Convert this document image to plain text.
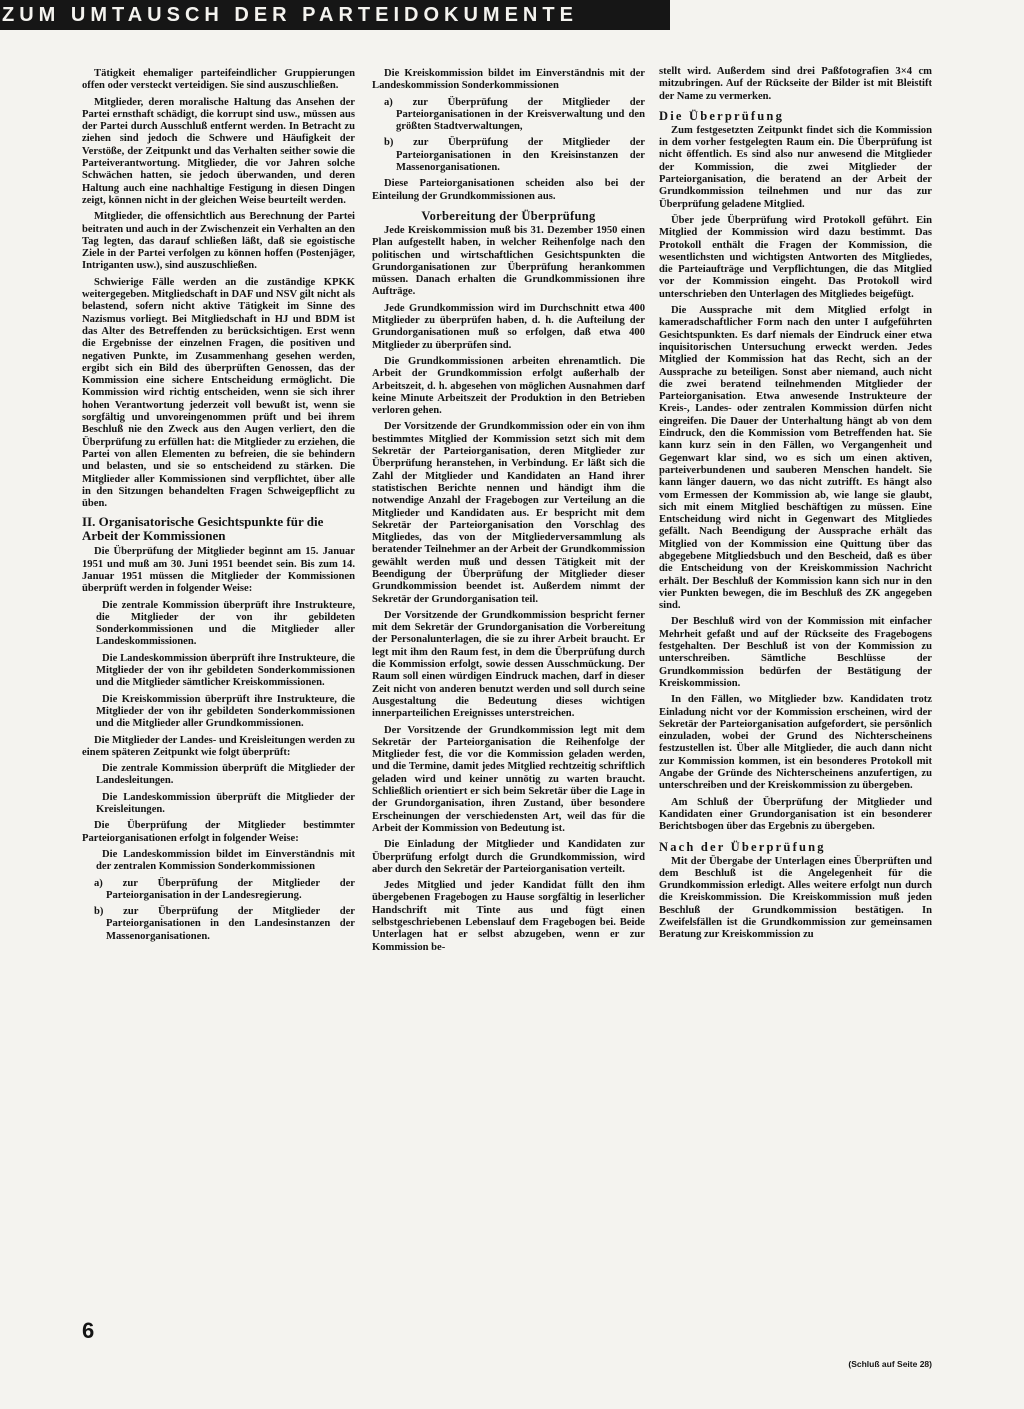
ZUM UMTAUSCH DER PARTEIDOKUMENTE

Tätigkeit ehemaliger parteifeindlicher Gruppierungen offen oder versteckt verteidigen. Sie sind auszuschließen.

Mitglieder, deren moralische Haltung das Ansehen der Partei ernsthaft schädigt, die korrupt sind usw., müssen aus der Partei durch Ausschluß entfernt werden. In Betracht zu ziehen sind jedoch die Schwere und Häufigkeit der Verstöße, der Zeitpunkt und das Verhalten seither sowie die Parteiverantwortung. Mitglieder, die vor Jahren solche Schwächen hatten, sie jedoch überwanden, und deren Haltung auch eine nachhaltige Festigung in diesen Dingen zeigt, können nicht in der gleichen Weise beurteilt werden.

Mitglieder, die offensichtlich aus Berechnung der Partei beitraten und auch in der Zwischenzeit ein Verhalten an den Tag legten, das darauf schließen läßt, daß sie egoistische Ziele in der Partei verfolgen zu können hoffen (Postenjäger, Intriganten usw.), sind auszuschließen.

Schwierige Fälle werden an die zuständige KPKK weitergegeben. Mitgliedschaft in DAF und NSV gilt nicht als belastend, sofern nicht aktive Tätigkeit im Sinne des Nazismus vorliegt. Bei Mitgliedschaft in HJ und BDM ist das Alter des Betreffenden zu berücksichtigen. Erst wenn die Ergebnisse der einzelnen Fragen, die positiven und negativen Punkte, im Zusammenhang gesehen werden, ergibt sich ein Bild des überprüften Genossen, das der Kommission eine sichere Entscheidung ermöglicht. Die Kommission wird richtig entscheiden, wenn sie sich ihrer hohen Verantwortung jederzeit voll bewußt ist, wenn sie sorgfältig und unvoreingenommen prüft und bei ihrem Beschluß nie den Zweck aus den Augen verliert, den die Überprüfung zu erfüllen hat: die Mitglieder zu erziehen, die Partei von allen Elementen zu befreien, die sie behindern und belasten, und sie so entscheidend zu stärken. Die Mitglieder aller Kommissionen sind verpflichtet, über alle in den Sitzungen behandelten Fragen Schweigepflicht zu üben.

II. Organisatorische Gesichtspunkte für die Arbeit der Kommissionen

Die Überprüfung der Mitglieder beginnt am 15. Januar 1951 und muß am 30. Juni 1951 beendet sein. Bis zum 14. Januar 1951 müssen die Mitglieder der Kommissionen überprüft werden in folgender Weise:

Die zentrale Kommission überprüft ihre Instrukteure, die Mitglieder der von ihr gebildeten Sonderkommissionen und die Mitglieder aller Landeskommissionen.

Die Landeskommission überprüft ihre Instrukteure, die Mitglieder der von ihr gebildeten Sonderkommissionen und die Mitglieder sämtlicher Kreiskommissionen.

Die Kreiskommission überprüft ihre Instrukteure, die Mitglieder der von ihr gebildeten Sonderkommissionen und die Mitglieder aller Grundkommissionen.

Die Mitglieder der Landes- und Kreisleitungen werden zu einem späteren Zeitpunkt wie folgt überprüft:

Die zentrale Kommission überprüft die Mitglieder der Landesleitungen.

Die Landeskommission überprüft die Mitglieder der Kreisleitungen.

Die Überprüfung der Mitglieder bestimmter Parteiorganisationen erfolgt in folgender Weise:

Die Landeskommission bildet im Einverständnis mit der zentralen Kommission Sonderkommissionen

a) zur Überprüfung der Mitglieder der Parteiorganisation in der Landesregierung.

b) zur Überprüfung der Mitglieder der Parteiorganisationen in den Landesinstanzen der Massenorganisationen.

Die Kreiskommission bildet im Einverständnis mit der Landeskommission Sonderkommissionen

a) zur Überprüfung der Mitglieder der Parteiorganisationen in der Kreisverwaltung und den größten Stadtverwaltungen,

b) zur Überprüfung der Mitglieder der Parteiorganisationen in den Kreisinstanzen der Massenorganisationen.

Diese Parteiorganisationen scheiden also bei der Einteilung der Grundkommissionen aus.

Vorbereitung der Überprüfung

Jede Kreiskommission muß bis 31. Dezember 1950 einen Plan aufgestellt haben, in welcher Reihenfolge nach den politischen und wirtschaftlichen Gesichtspunkten die Grundorganisationen zur Überprüfung herankommen müssen. Danach erhalten die Grundkommissionen ihre Aufträge.

Jede Grundkommission wird im Durchschnitt etwa 400 Mitglieder zu überprüfen haben, d. h. die Aufteilung der Grundorganisationen muß so erfolgen, daß etwa 400 Mitglieder zu überprüfen sind.

Die Grundkommissionen arbeiten ehrenamtlich. Die Arbeit der Grundkommission erfolgt außerhalb der Arbeitszeit, d. h. abgesehen von möglichen Ausnahmen darf keine Minute Arbeitszeit der Produktion in den Betrieben verloren gehen.

Der Vorsitzende der Grundkommission oder ein von ihm bestimmtes Mitglied der Kommission setzt sich mit dem Sekretär der Parteiorganisation, deren Mitglieder zur Überprüfung heranstehen, in Verbindung. Er läßt sich die Zahl der Mitglieder und Kandidaten an Hand ihrer statistischen Berichte nennen und händigt ihm die notwendige Anzahl der Fragebogen zur Verteilung an die Mitglieder und Kandidaten aus. Er bespricht mit dem Sekretär der Parteiorganisation den Vorschlag des Mitgliedes, das von der Mitgliederversammlung als beratender Teilnehmer an der Arbeit der Grundkommission gewählt werden muß und dessen Tätigkeit mit der Beendigung der Überprüfung der Mitglieder dieser Grundkommission beendet ist. Außerdem nimmt der Sekretär der Grundorganisation teil.

Der Vorsitzende der Grundkommission bespricht ferner mit dem Sekretär der Grundorganisation die Vorbereitung der Personalunterlagen, die sie zu ihrer Arbeit braucht. Er legt mit ihm den Raum fest, in dem die Überprüfung durch die Kommission erfolgt, sowie dessen Ausschmückung. Der Raum soll einen würdigen Eindruck machen, darf in dieser Zeit nicht von anderen benutzt werden und soll durch seine Ausgestaltung die Bedeutung dieses wichtigen innerparteilichen Ereignisses unterstreichen.

Der Vorsitzende der Grundkommission legt mit dem Sekretär der Parteiorganisation die Reihenfolge der Mitglieder fest, die vor die Kommission geladen werden, und die Termine, damit jedes Mitglied rechtzeitig schriftlich geladen wird und keiner unnötig zu warten braucht. Schließlich orientiert er sich beim Sekretär über die Lage in der Grundorganisation, ihren Zustand, über besondere Erscheinungen der verschiedensten Art, weil das für die Arbeit der Kommission von Bedeutung ist.

Die Einladung der Mitglieder und Kandidaten zur Überprüfung erfolgt durch die Grundkommission, wird aber durch den Sekretär der Parteiorganisation verteilt.

Jedes Mitglied und jeder Kandidat füllt den ihm übergebenen Fragebogen zu Hause sorgfältig in leserlicher Handschrift mit Tinte aus und fügt einen selbstgeschriebenen Lebenslauf dem Fragebogen bei. Beide Unterlagen hat er selbst abzugeben, wenn er zur Kommission be-

stellt wird. Außerdem sind drei Paßfotografien 3×4 cm mitzubringen. Auf der Rückseite der Bilder ist mit Bleistift der Name zu vermerken.

Die Überprüfung

Zum festgesetzten Zeitpunkt findet sich die Kommission in dem vorher festgelegten Raum ein. Die Überprüfung ist nicht öffentlich. Es sind also nur anwesend die Mitglieder der Kommission, die zwei Mitglieder der Parteiorganisation, die beratend an der Arbeit der Grundkommission teilnehmen und nur das zur Überprüfung geladene Mitglied.

Über jede Überprüfung wird Protokoll geführt. Ein Mitglied der Kommission wird dazu bestimmt. Das Protokoll enthält die Fragen der Kommission, die wesentlichsten und wichtigsten Antworten des Mitgliedes, die Parteiaufträge und Verpflichtungen, die das Mitglied vor der Kommission eingeht. Das Protokoll wird unterschrieben den Unterlagen des Mitgliedes beigefügt.

Die Aussprache mit dem Mitglied erfolgt in kameradschaftlicher Form nach den unter I aufgeführten Gesichtspunkten. Es darf niemals der Eindruck einer etwa inquisitorischen Untersuchung erweckt werden. Jedes Mitglied der Kommission hat das Recht, sich an der Aussprache zu beteiligen. Sonst aber niemand, auch nicht die zwei beratend teilnehmenden Mitglieder der Parteiorganisation. Etwa anwesende Instrukteure der Kreis-, Landes- oder zentralen Kommission dürfen nicht eingreifen. Die Dauer der Unterhaltung hängt ab von dem Eindruck, den die Kommission vom Betreffenden hat. Sie kann kurz sein in den Fällen, wo Vergangenheit und Gegenwart klar sind, wo es sich um einen aktiven, parteiverbundenen und sauberen Menschen handelt. Sie kann länger dauern, wo das nicht zutrifft. Es hängt also vom Ermessen der Kommission ab, wie lange sie glaubt, sich mit einem Mitglied beschäftigen zu müssen. Eine Entscheidung wird nicht in Gegenwart des Mitgliedes gefällt. Nach Beendigung der Aussprache erhält das Mitglied von der Kommission eine Quittung über das abgegebene Mitgliedsbuch und den Bescheid, daß es über die Entscheidung von der Kreiskommission Nachricht erhält. Der Beschluß der Kommission kann sich nur in den vier Punkten bewegen, die im Beschluß des ZK angegeben sind.

Der Beschluß wird von der Kommission mit einfacher Mehrheit gefaßt und auf der Rückseite des Fragebogens festgehalten. Der Beschluß ist von der Kommission zu unterschreiben. Sämtliche Beschlüsse der Grundkommission bedürfen der Bestätigung der Kreiskommission.

In den Fällen, wo Mitglieder bzw. Kandidaten trotz Einladung nicht vor der Kommission erscheinen, wird der Sekretär der Parteiorganisation aufgefordert, sie persönlich einzuladen, wobei der Grund des Nichterscheinens festzustellen ist. Über alle Mitglieder, die auch dann nicht zur Kommission kommen, ist ein besonderes Protokoll mit Angabe der Gründe des Nichterscheinens anzufertigen, zu unterschreiben und der Kreiskommission zu übergeben.

Am Schluß der Überprüfung der Mitglieder und Kandidaten einer Grundorganisation ist ein besonderer Berichtsbogen über das Ergebnis zu übergeben.

Nach der Überprüfung

Mit der Übergabe der Unterlagen eines Überprüften und dem Beschluß ist die Angelegenheit für die Grundkommission erledigt. Alles weitere erfolgt nun durch die Kreiskommission. Die Kreiskommission muß jeden Beschluß der Grundkommission bestätigen. In Zweifelsfällen ist die Grundkommission zur gemeinsamen Beratung zur Kreiskommission zu

(Schluß auf Seite 28)
6
